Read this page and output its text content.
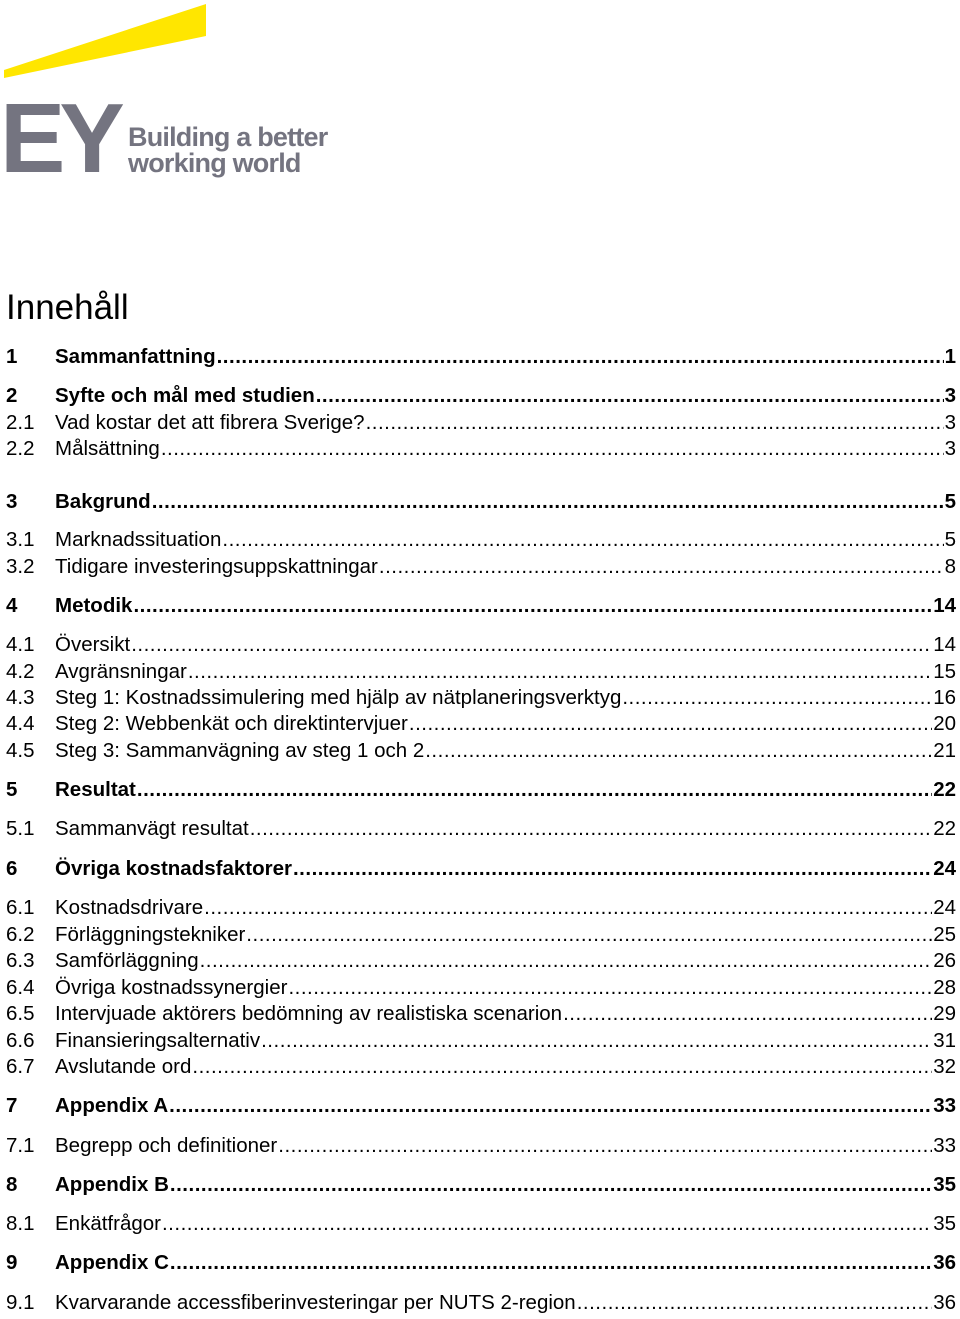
EY Building a better
working world
Innehåll
1	Sammanfattning .....	1
2	Syfte och mål med studien .....	3
2.1	Vad kostar det att fibrera Sverige? .....	3
2.2	Målsättning .....	3
3	Bakgrund .....	5
3.1	Marknadssituation .....	5
3.2	Tidigare investeringsuppskattningar .....	8
4	Metodik .....	14
4.1	Översikt .....	14
4.2	Avgränsningar .....	15
4.3	Steg 1: Kostnadssimulering med hjälp av nätplaneringsverktyg .....	16
4.4	Steg 2: Webbenkät och direktintervjuer .....	20
4.5	Steg 3: Sammanvägning av steg 1 och 2 .....	21
5	Resultat .....	22
5.1	Sammanvägt resultat .....	22
6	Övriga kostnadsfaktorer .....	24
6.1	Kostnadsdrivare .....	24
6.2	Förläggningstekniker .....	25
6.3	Samförläggning .....	26
6.4	Övriga kostnadssynergier .....	28
6.5	Intervjuade aktörers bedömning av realistiska scenarion .....	29
6.6	Finansieringsalternativ .....	31
6.7	Avslutande ord .....	32
7	Appendix A .....	33
7.1	Begrepp och definitioner .....	33
8	Appendix B .....	35
8.1	Enkätfrågor .....	35
9	Appendix C .....	36
9.1	Kvarvarande accessfiberinvesteringar per NUTS 2-region .....	36
